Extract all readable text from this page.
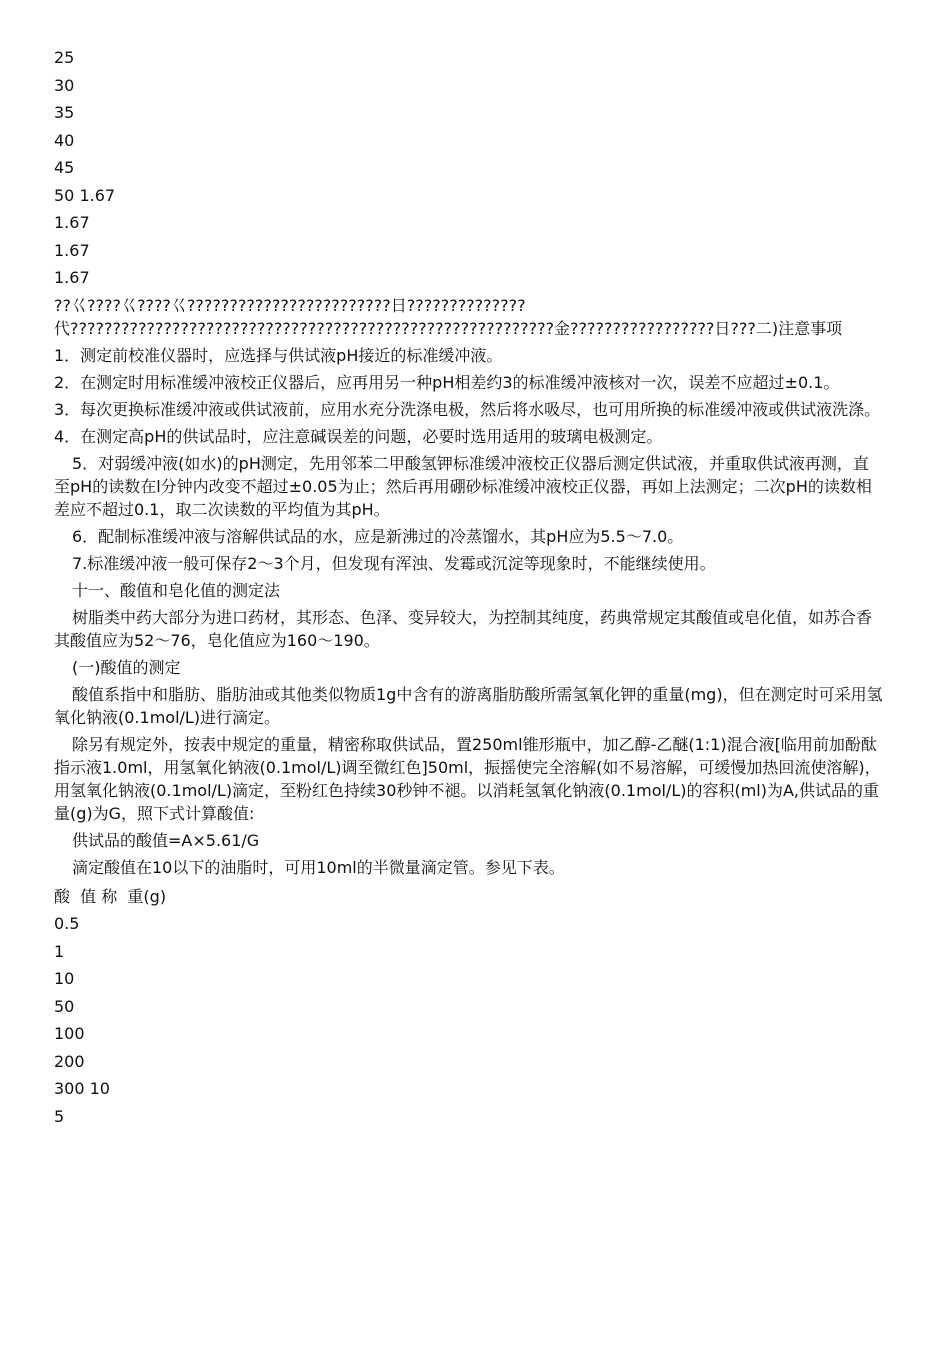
25
30
35
40
45
50 1.67
1.67
1.67
1.67
??巜????巜????巜????????????????????????日??????????????代?????????????????????????????????????????????????????????金?????????????????日???二)注意事项
1．测定前校准仪器时，应选择与供试液pH接近的标准缓冲液。
2．在测定时用标准缓冲液校正仪器后，应再用另一种pH相差约3的标准缓冲液核对一次，误差不应超过±0.1。
3．每次更换标准缓冲液或供试液前，应用水充分洗涤电极，然后将水吸尽，也可用所换的标准缓冲液或供试液洗涤。
4．在测定高pH的供试品时，应注意碱误差的问题，必要时选用适用的玻璃电极测定。
5．对弱缓冲液(如水)的pH测定，先用邻苯二甲酸氢钾标准缓冲液校正仪器后测定供试液，并重取供试液再测，直至pH的读数在l分钟内改变不超过±0.05为止；然后再用硼砂标准缓冲液校正仪器，再如上法测定；二次pH的读数相差应不超过0.1，取二次读数的平均值为其pH。
6．配制标准缓冲液与溶解供试品的水，应是新沸过的冷蒸馏水，其pH应为5.5～7.0。
7.标准缓冲液一般可保存2～3个月，但发现有浑浊、发霉或沉淀等现象时，不能继续使用。
十一、酸值和皂化值的测定法
树脂类中药大部分为进口药材，其形态、色泽、变异较大，为控制其纯度，药典常规定其酸值或皂化值，如苏合香其酸值应为52～76，皂化值应为160～190。
(一)酸值的测定
酸值系指中和脂肪、脂肪油或其他类似物质1g中含有的游离脂肪酸所需氢氧化钾的重量(mg)，但在测定时可采用氢氧化钠液(0.1mol/L)进行滴定。
除另有规定外，按表中规定的重量，精密称取供试品，置250ml锥形瓶中，加乙醇-乙醚(1:1)混合液[临用前加酚酞指示液1.0ml，用氢氧化钠液(0.1mol/L)调至微红色]50ml，振摇使完全溶解(如不易溶解，可缓慢加热回流使溶解)，用氢氧化钠液(0.1mol/L)滴定，至粉红色持续30秒钟不褪。以消耗氢氧化钠液(0.1mol/L)的容积(ml)为A,供试品的重量(g)为G，照下式计算酸值:
供试品的酸值=A×5.61/G
滴定酸值在10以下的油脂时，可用10ml的半微量滴定管。参见下表。
酸  值 称  重(g)
0.5
1
10
50
100
200
300 10
5
